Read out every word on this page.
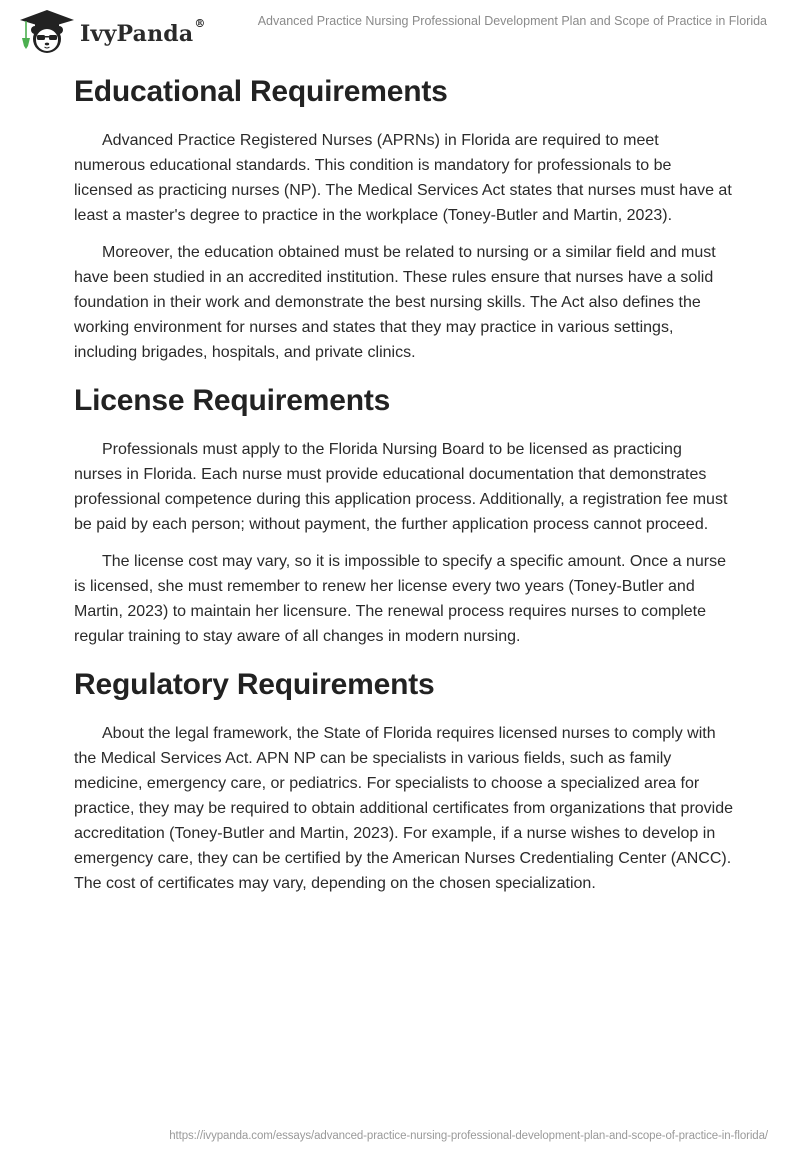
IvyPanda®	Advanced Practice Nursing Professional Development Plan and Scope of Practice in Florida
Educational Requirements

Advanced Practice Registered Nurses (APRNs) in Florida are required to meet numerous educational standards. This condition is mandatory for professionals to be licensed as practicing nurses (NP). The Medical Services Act states that nurses must have at least a master's degree to practice in the workplace (Toney-Butler and Martin, 2023).

Moreover, the education obtained must be related to nursing or a similar field and must have been studied in an accredited institution. These rules ensure that nurses have a solid foundation in their work and demonstrate the best nursing skills. The Act also defines the working environment for nurses and states that they may practice in various settings, including brigades, hospitals, and private clinics.

License Requirements

Professionals must apply to the Florida Nursing Board to be licensed as practicing nurses in Florida. Each nurse must provide educational documentation that demonstrates professional competence during this application process. Additionally, a registration fee must be paid by each person; without payment, the further application process cannot proceed.

The license cost may vary, so it is impossible to specify a specific amount. Once a nurse is licensed, she must remember to renew her license every two years (Toney-Butler and Martin, 2023) to maintain her licensure. The renewal process requires nurses to complete regular training to stay aware of all changes in modern nursing.

Regulatory Requirements

About the legal framework, the State of Florida requires licensed nurses to comply with the Medical Services Act. APN NP can be specialists in various fields, such as family medicine, emergency care, or pediatrics. For specialists to choose a specialized area for practice, they may be required to obtain additional certificates from organizations that provide accreditation (Toney-Butler and Martin, 2023). For example, if a nurse wishes to develop in emergency care, they can be certified by the American Nurses Credentialing Center (ANCC). The cost of certificates may vary, depending on the chosen specialization.

https://ivypanda.com/essays/advanced-practice-nursing-professional-development-plan-and-scope-of-practice-in-florida/
